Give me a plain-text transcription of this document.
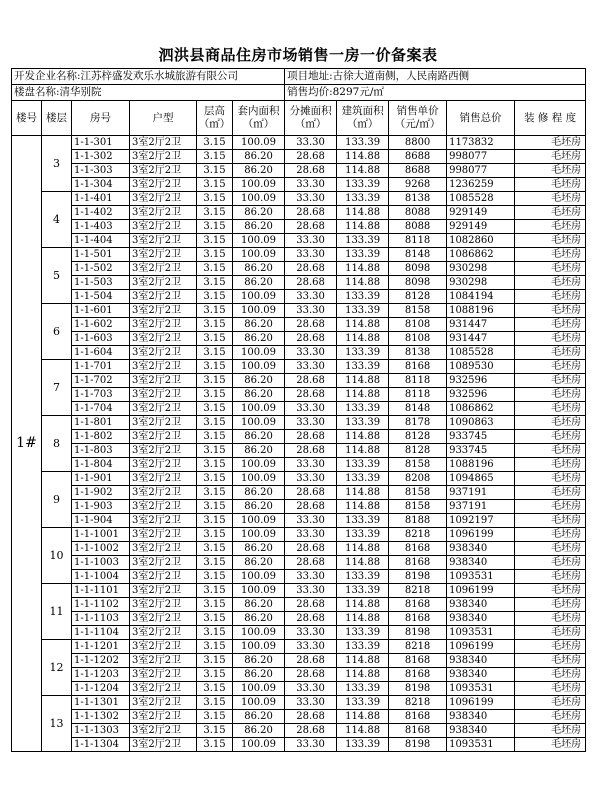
泗洪县商品住房市场销售一房一价备案表
开发企业名称:江苏梓盛发欢乐水城旅游有限公司						项目地址:古徐大道南侧，人民南路西侧				
楼盘名称:清华别院						销售均价:8297元/㎡				
楼号	楼层	房号	户型	层高（㎡）	套内面积（㎡）	分摊面积（㎡）	建筑面积（㎡）	销售单价（元/㎡）	销售总价	装 修 程 度
1#	3	1-1-301	3室2厅2卫	3.15	100.09	33.30	133.39	8800	1173832	毛坯房
		1-1-302	3室2厅2卫	3.15	86.20	28.68	114.88	8688	998077	毛坯房
		1-1-303	3室2厅2卫	3.15	86.20	28.68	114.88	8688	998077	毛坯房
		1-1-304	3室2厅2卫	3.15	100.09	33.30	133.39	9268	1236259	毛坯房
	4	1-1-401	3室2厅2卫	3.15	100.09	33.30	133.39	8138	1085528	毛坯房
		1-1-402	3室2厅2卫	3.15	86.20	28.68	114.88	8088	929149	毛坯房
		1-1-403	3室2厅2卫	3.15	86.20	28.68	114.88	8088	929149	毛坯房
		1-1-404	3室2厅2卫	3.15	100.09	33.30	133.39	8118	1082860	毛坯房
	5	1-1-501	3室2厅2卫	3.15	100.09	33.30	133.39	8148	1086862	毛坯房
		1-1-502	3室2厅2卫	3.15	86.20	28.68	114.88	8098	930298	毛坯房
		1-1-503	3室2厅2卫	3.15	86.20	28.68	114.88	8098	930298	毛坯房
		1-1-504	3室2厅2卫	3.15	100.09	33.30	133.39	8128	1084194	毛坯房
	6	1-1-601	3室2厅2卫	3.15	100.09	33.30	133.39	8158	1088196	毛坯房
		1-1-602	3室2厅2卫	3.15	86.20	28.68	114.88	8108	931447	毛坯房
		1-1-603	3室2厅2卫	3.15	86.20	28.68	114.88	8108	931447	毛坯房
		1-1-604	3室2厅2卫	3.15	100.09	33.30	133.39	8138	1085528	毛坯房
	7	1-1-701	3室2厅2卫	3.15	100.09	33.30	133.39	8168	1089530	毛坯房
		1-1-702	3室2厅2卫	3.15	86.20	28.68	114.88	8118	932596	毛坯房
		1-1-703	3室2厅2卫	3.15	86.20	28.68	114.88	8118	932596	毛坯房
		1-1-704	3室2厅2卫	3.15	100.09	33.30	133.39	8148	1086862	毛坯房
	8	1-1-801	3室2厅2卫	3.15	100.09	33.30	133.39	8178	1090863	毛坯房
		1-1-802	3室2厅2卫	3.15	86.20	28.68	114.88	8128	933745	毛坯房
		1-1-803	3室2厅2卫	3.15	86.20	28.68	114.88	8128	933745	毛坯房
		1-1-804	3室2厅2卫	3.15	100.09	33.30	133.39	8158	1088196	毛坯房
	9	1-1-901	3室2厅2卫	3.15	100.09	33.30	133.39	8208	1094865	毛坯房
		1-1-902	3室2厅2卫	3.15	86.20	28.68	114.88	8158	937191	毛坯房
		1-1-903	3室2厅2卫	3.15	86.20	28.68	114.88	8158	937191	毛坯房
		1-1-904	3室2厅2卫	3.15	100.09	33.30	133.39	8188	1092197	毛坯房
	10	1-1-1001	3室2厅2卫	3.15	100.09	33.30	133.39	8218	1096199	毛坯房
		1-1-1002	3室2厅2卫	3.15	86.20	28.68	114.88	8168	938340	毛坯房
		1-1-1003	3室2厅2卫	3.15	86.20	28.68	114.88	8168	938340	毛坯房
		1-1-1004	3室2厅2卫	3.15	100.09	33.30	133.39	8198	1093531	毛坯房
	11	1-1-1101	3室2厅2卫	3.15	100.09	33.30	133.39	8218	1096199	毛坯房
		1-1-1102	3室2厅2卫	3.15	86.20	28.68	114.88	8168	938340	毛坯房
		1-1-1103	3室2厅2卫	3.15	86.20	28.68	114.88	8168	938340	毛坯房
		1-1-1104	3室2厅2卫	3.15	100.09	33.30	133.39	8198	1093531	毛坯房
	12	1-1-1201	3室2厅2卫	3.15	100.09	33.30	133.39	8218	1096199	毛坯房
		1-1-1202	3室2厅2卫	3.15	86.20	28.68	114.88	8168	938340	毛坯房
		1-1-1203	3室2厅2卫	3.15	86.20	28.68	114.88	8168	938340	毛坯房
		1-1-1204	3室2厅2卫	3.15	100.09	33.30	133.39	8198	1093531	毛坯房
	13	1-1-1301	3室2厅2卫	3.15	100.09	33.30	133.39	8218	1096199	毛坯房
		1-1-1302	3室2厅2卫	3.15	86.20	28.68	114.88	8168	938340	毛坯房
		1-1-1303	3室2厅2卫	3.15	86.20	28.68	114.88	8168	938340	毛坯房
		1-1-1304	3室2厅2卫	3.15	100.09	33.30	133.39	8198	1093531	毛坯房
